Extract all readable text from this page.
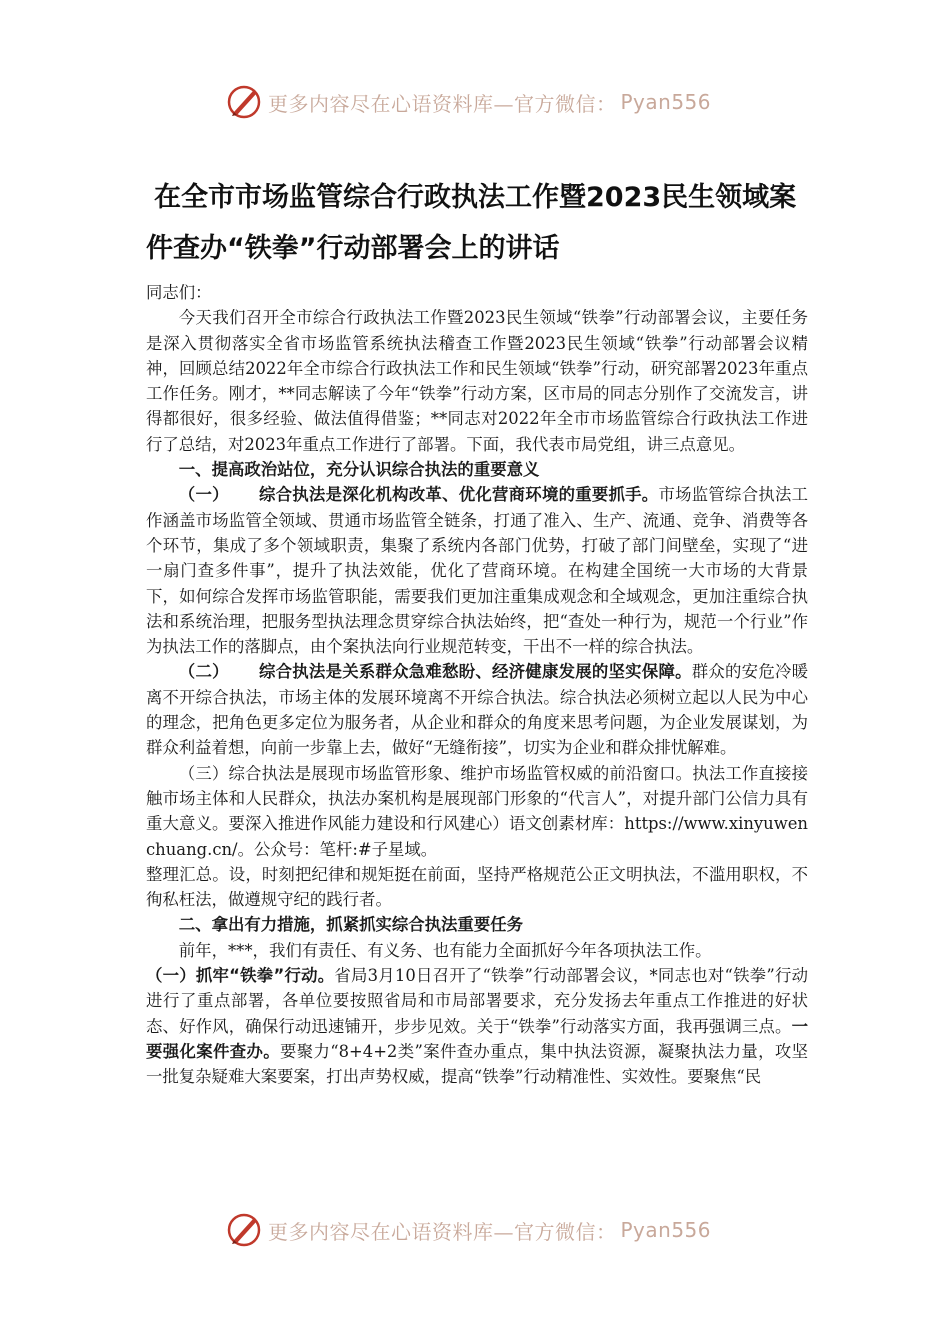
更多内容尽在心语资料库—官方微信： Pyan556
在全市市场监管综合行政执法工作暨2023民生领域案件查办“铁拳”行动部署会上的讲话

同志们：

今天我们召开全市综合行政执法工作暨2023民生领域“铁拳”行动部署会议，主要任务是深入贯彻落实全省市场监管系统执法稽查工作暨2023民生领域“铁拳”行动部署会议精神，回顾总结2022年全市综合行政执法工作和民生领域“铁拳”行动，研究部署2023年重点工作任务。刚才，**同志解读了今年“铁拳”行动方案，区市局的同志分别作了交流发言，讲得都很好，很多经验、做法值得借鉴；**同志对2022年全市市场监管综合行政执法工作进行了总结，对2023年重点工作进行了部署。下面，我代表市局党组，讲三点意见。

一、提高政治站位，充分认识综合执法的重要意义

（一） 综合执法是深化机构改革、优化营商环境的重要抓手。市场监管综合执法工作涵盖市场监管全领域、贯通市场监管全链条，打通了准入、生产、流通、竞争、消费等各个环节，集成了多个领域职责，集聚了系统内各部门优势，打破了部门间壁垒，实现了“进一扇门查多件事”，提升了执法效能，优化了营商环境。在构建全国统一大市场的大背景下，如何综合发挥市场监管职能，需要我们更加注重集成观念和全域观念，更加注重综合执法和系统治理，把服务型执法理念贯穿综合执法始终，把“查处一种行为，规范一个行业”作为执法工作的落脚点，由个案执法向行业规范转变，干出不一样的综合执法。

（二） 综合执法是关系群众急难愁盼、经济健康发展的坚实保障。群众的安危冷暖离不开综合执法，市场主体的发展环境离不开综合执法。综合执法必须树立起以人民为中心的理念，把角色更多定位为服务者，从企业和群众的角度来思考问题，为企业发展谋划，为群众利益着想，向前一步靠上去，做好“无缝衔接”，切实为企业和群众排忧解难。

（三）综合执法是展现市场监管形象、维护市场监管权威的前沿窗口。执法工作直接接触市场主体和人民群众，执法办案机构是展现部门形象的“代言人”，对提升部门公信力具有重大意义。要深入推进作风能力建设和行风建心）语文创素材库：https://www.xinyuwenchuang.cn/。公众号：笔杆:#子星域。

整理汇总。设，时刻把纪律和规矩挺在前面，坚持严格规范公正文明执法，不滥用职权，不徇私枉法，做遵规守纪的践行者。

二、拿出有力措施，抓紧抓实综合执法重要任务

前年，***，我们有责任、有义务、也有能力全面抓好今年各项执法工作。

（一）抓牢“铁拳”行动。省局3月10日召开了“铁拳”行动部署会议，*同志也对“铁拳”行动进行了重点部署，各单位要按照省局和市局部署要求，充分发扬去年重点工作推进的好状态、好作风，确保行动迅速铺开，步步见效。关于“铁拳”行动落实方面，我再强调三点。一要强化案件查办。要聚力“8+4+2类”案件查办重点，集中执法资源，凝聚执法力量，攻坚一批复杂疑难大案要案，打出声势权威，提高“铁拳”行动精准性、实效性。要聚焦“民

更多内容尽在心语资料库—官方微信： Pyan556
